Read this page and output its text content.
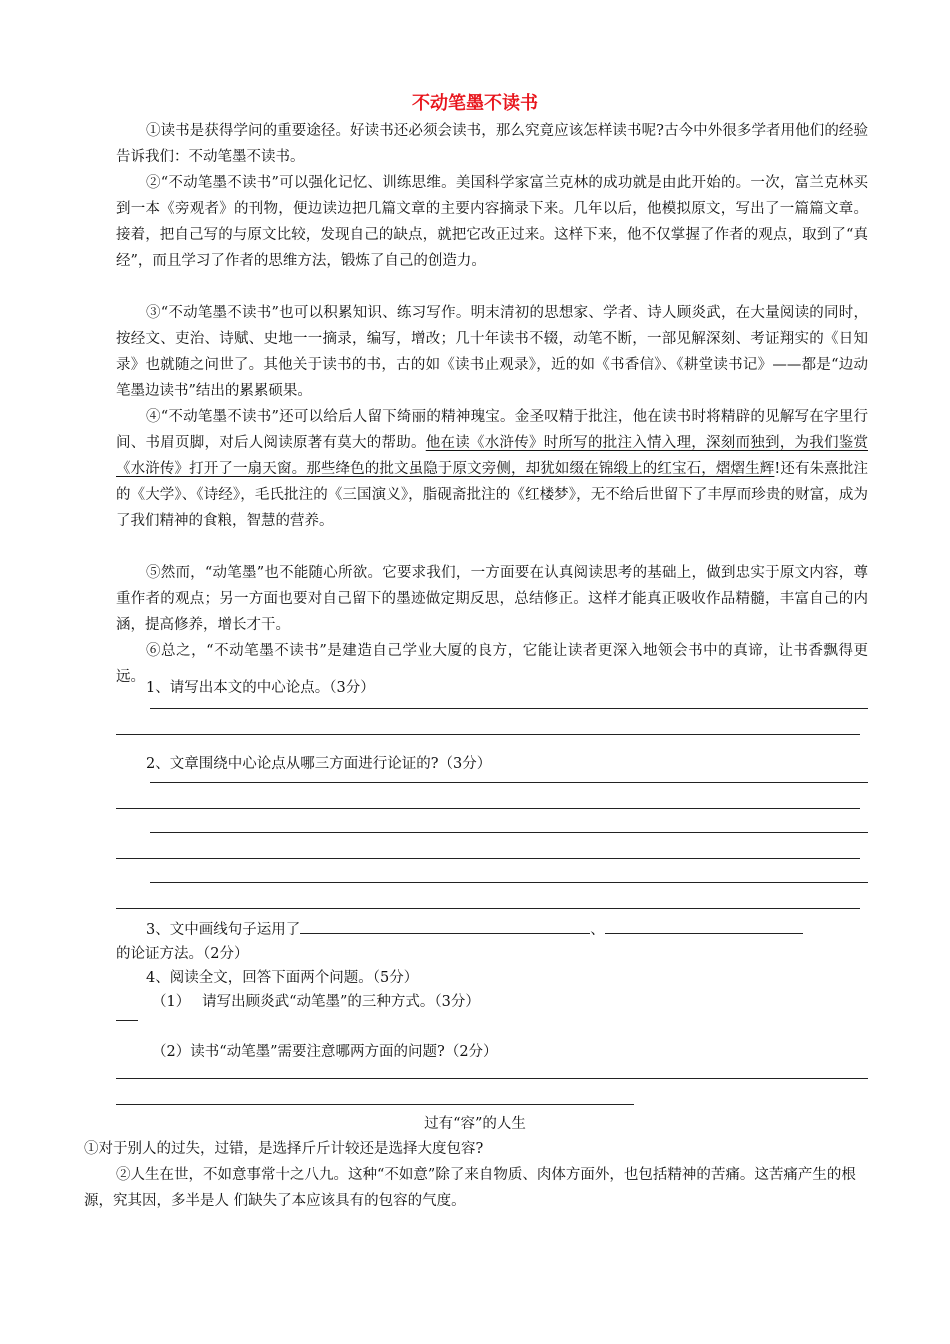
不动笔墨不读书

①读书是获得学问的重要途径。好读书还必须会读书，那么究竟应该怎样读书呢?古今中外很多学者用他们的经验告诉我们：不动笔墨不读书。

②“不动笔墨不读书”可以强化记忆、训练思维。美国科学家富兰克林的成功就是由此开始的。一次，富兰克林买到一本《旁观者》的刊物，便边读边把几篇文章的主要内容摘录下来。几年以后，他模拟原文，写出了一篇篇文章。接着，把自己写的与原文比较，发现自己的缺点，就把它改正过来。这样下来，他不仅掌握了作者的观点，取到了“真经”，而且学习了作者的思维方法，锻炼了自己的创造力。

③“不动笔墨不读书”也可以积累知识、练习写作。明末清初的思想家、学者、诗人顾炎武，在大量阅读的同时，按经文、吏治、诗赋、史地一一摘录，编写，增改；几十年读书不辍，动笔不断，一部见解深刻、考证翔实的《日知录》也就随之问世了。其他关于读书的书，古的如《读书止观录》，近的如《书香信》、《耕堂读书记》——都是“边动笔墨边读书”结出的累累硕果。

④“不动笔墨不读书”还可以给后人留下绮丽的精神瑰宝。金圣叹精于批注，他在读书时将精辟的见解写在字里行间、书眉页脚，对后人阅读原著有莫大的帮助。他在读《水浒传》时所写的批注入情入理，深刻而独到，为我们鉴赏《水浒传》打开了一扇天窗。那些绛色的批文虽隐于原文旁侧，却犹如缀在锦缎上的红宝石，熠熠生辉!还有朱熹批注的《大学》、《诗经》，毛氏批注的《三国演义》，脂砚斋批注的《红楼梦》，无不给后世留下了丰厚而珍贵的财富，成为了我们精神的食粮，智慧的营养。

⑤然而，“动笔墨”也不能随心所欲。它要求我们，一方面要在认真阅读思考的基础上，做到忠实于原文内容，尊重作者的观点；另一方面也要对自己留下的墨迹做定期反思，总结修正。这样才能真正吸收作品精髓，丰富自己的内涵，提高修养，增长才干。

⑥总之，“不动笔墨不读书”是建造自己学业大厦的良方，它能让读者更深入地领会书中的真谛，让书香飘得更远。

1、请写出本文的中心论点。（3分）
2、文章围绕中心论点从哪三方面进行论证的?（3分）
3、文中画线句子运用了	、
的论证方法。（2分）
4、阅读全文，回答下面两个问题。（5分）
（1）　 请写出顾炎武“动笔墨”的三种方式。（3分）
（2）读书“动笔墨”需要注意哪两方面的问题?（2分）
过有“容”的人生

①对于别人的过失，过错，是选择斤斤计较还是选择大度包容?

②人生在世，不如意事常十之八九。这种“不如意”除了来自物质、肉体方面外，也包括精神的苦痛。这苦痛产生的根源，究其因，多半是人 们缺失了本应该具有的包容的气度。
